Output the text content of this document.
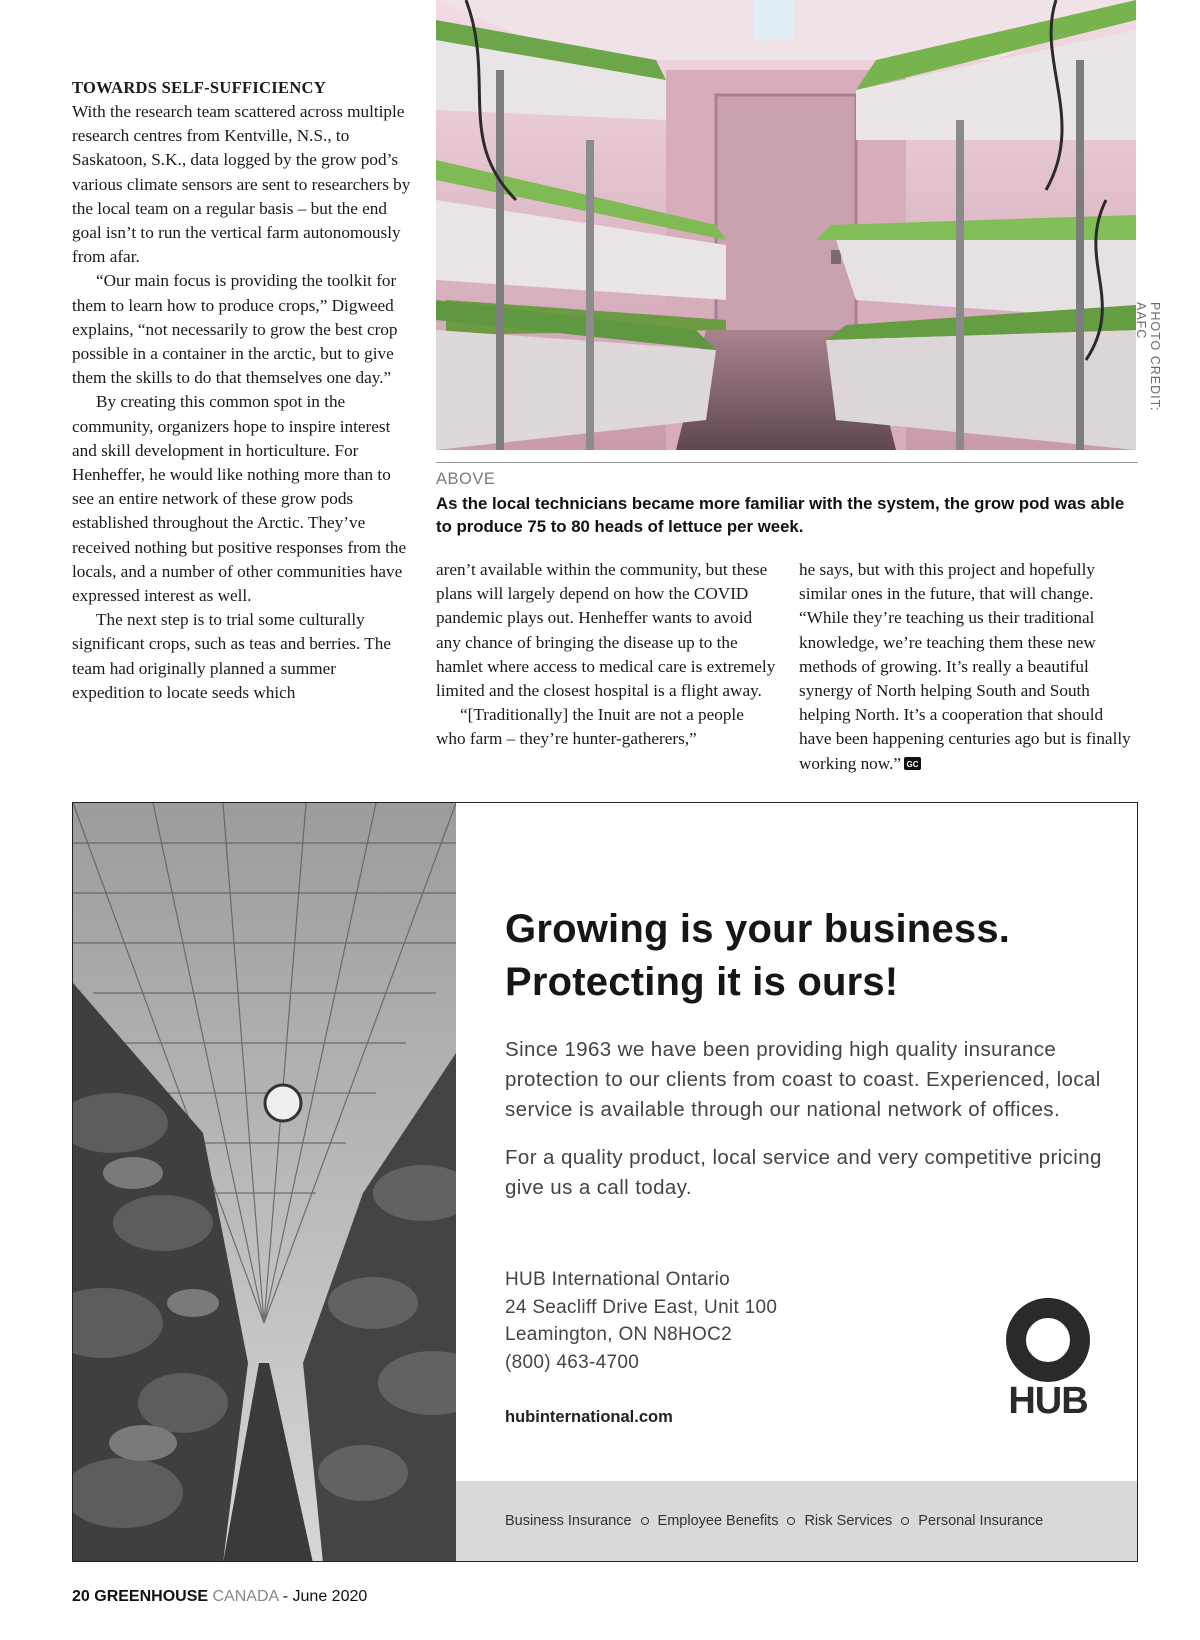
TOWARDS SELF-SUFFICIENCY

With the research team scattered across multiple research centres from Kentville, N.S., to Saskatoon, S.K., data logged by the grow pod’s various climate sensors are sent to researchers by the local team on a regular basis – but the end goal isn’t to run the vertical farm autonomously from afar.

“Our main focus is providing the toolkit for them to learn how to produce crops,” Digweed explains, “not necessarily to grow the best crop possible in a container in the arctic, but to give them the skills to do that themselves one day.”

By creating this common spot in the community, organizers hope to inspire interest and skill development in horticulture. For Henheffer, he would like nothing more than to see an entire network of these grow pods established throughout the Arctic. They’ve received nothing but positive responses from the locals, and a number of other communities have expressed interest as well.

The next step is to trial some culturally significant crops, such as teas and berries. The team had originally planned a summer expedition to locate seeds which

PHOTO CREDIT: AAFC
ABOVE
As the local technicians became more familiar with the system, the grow pod was able to produce 75 to 80 heads of lettuce per week.

aren’t available within the community, but these plans will largely depend on how the COVID pandemic plays out. Henheffer wants to avoid any chance of bringing the disease up to the hamlet where access to medical care is extremely limited and the closest hospital is a flight away.

“[Traditionally] the Inuit are not a people who farm – they’re hunter-gatherers,”

he says, but with this project and hopefully similar ones in the future, that will change. “While they’re teaching us their traditional knowledge, we’re teaching them these new methods of growing. It’s really a beautiful synergy of North helping South and South helping North. It’s a cooperation that should have been happening centuries ago but is finally working now.” GC

Growing is your business.
Protecting it is ours!

Since 1963 we have been providing high quality insurance protection to our clients from coast to coast. Experienced, local service is available through our national network of offices.

For a quality product, local service and very competitive pricing give us a call today.

HUB International Ontario
24 Seacliff Drive East, Unit 100
Leamington, ON N8HOC2
(800) 463-4700
hubinternational.com	HUB
Business Insurance Employee Benefits Risk Services Personal Insurance
20 GREENHOUSE CANADA - June 2020
